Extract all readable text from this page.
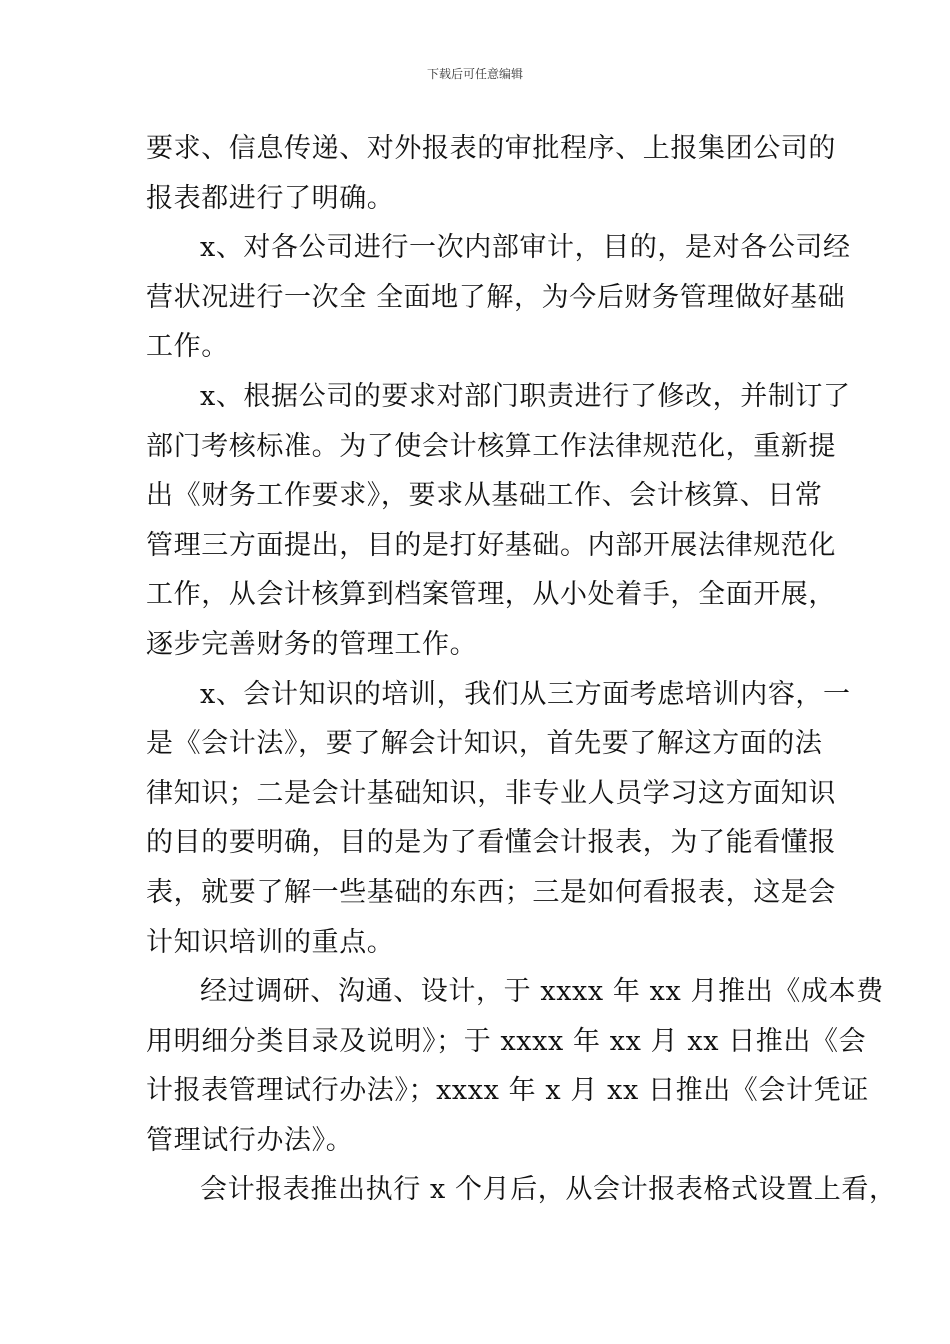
下载后可任意编辑
要求、信息传递、对外报表的审批程序、上报集团公司的
报表都进行了明确。
x、对各公司进行一次内部审计，目的，是对各公司经
营状况进行一次全 全面地了解，为今后财务管理做好基础
工作。
x、根据公司的要求对部门职责进行了修改，并制订了
部门考核标准。为了使会计核算工作法律规范化，重新提
出《财务工作要求》，要求从基础工作、会计核算、日常
管理三方面提出，目的是打好基础。内部开展法律规范化
工作，从会计核算到档案管理，从小处着手，全面开展，
逐步完善财务的管理工作。
x、会计知识的培训，我们从三方面考虑培训内容，一
是《会计法》，要了解会计知识，首先要了解这方面的法
律知识；二是会计基础知识，非专业人员学习这方面知识
的目的要明确，目的是为了看懂会计报表，为了能看懂报
表，就要了解一些基础的东西；三是如何看报表，这是会
计知识培训的重点。
经过调研、沟通、设计，于 xxxx 年 xx 月推出《成本费
用明细分类目录及说明》；于 xxxx 年 xx 月 xx 日推出《会
计报表管理试行办法》；xxxx 年 x 月 xx 日推出《会计凭证
管理试行办法》。
会计报表推出执行 x 个月后，从会计报表格式设置上看，
